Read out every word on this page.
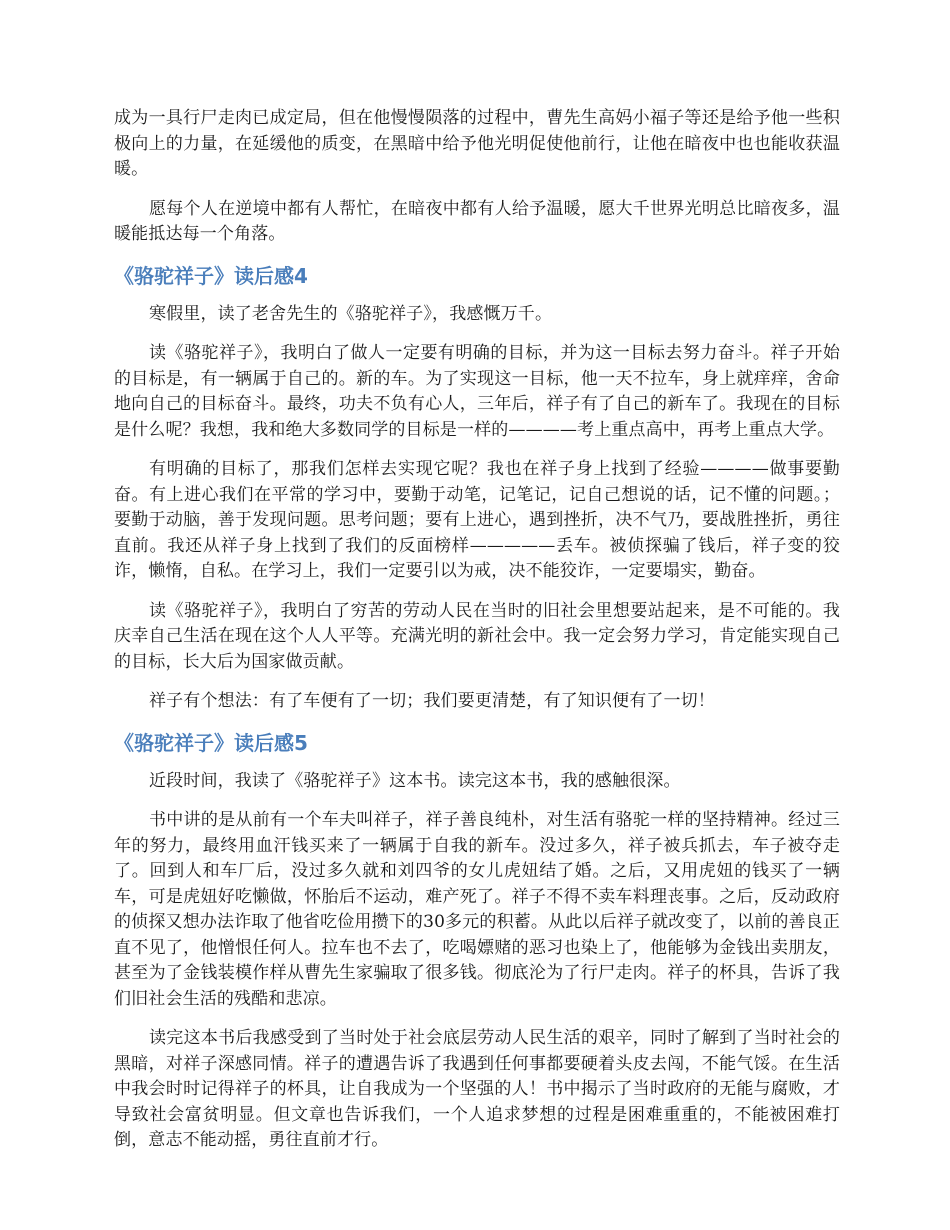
成为一具行尸走肉已成定局，但在他慢慢陨落的过程中，曹先生高妈小福子等还是给予他一些积极向上的力量，在延缓他的质变，在黑暗中给予他光明促使他前行，让他在暗夜中也也能收获温暖。

愿每个人在逆境中都有人帮忙，在暗夜中都有人给予温暖，愿大千世界光明总比暗夜多，温暖能抵达每一个角落。

《骆驼祥子》读后感4

寒假里，读了老舍先生的《骆驼祥子》，我感慨万千。

读《骆驼祥子》，我明白了做人一定要有明确的目标，并为这一目标去努力奋斗。祥子开始的目标是，有一辆属于自己的。新的车。为了实现这一目标，他一天不拉车，身上就痒痒，舍命地向自己的目标奋斗。最终，功夫不负有心人，三年后，祥子有了自己的新车了。我现在的目标是什么呢？我想，我和绝大多数同学的目标是一样的————考上重点高中，再考上重点大学。

有明确的目标了，那我们怎样去实现它呢？我也在祥子身上找到了经验————做事要勤奋。有上进心我们在平常的学习中，要勤于动笔，记笔记，记自己想说的话，记不懂的问题。；要勤于动脑，善于发现问题。思考问题；要有上进心，遇到挫折，决不气乃，要战胜挫折，勇往直前。我还从祥子身上找到了我们的反面榜样—————丢车。被侦探骗了钱后，祥子变的狡诈，懒惰，自私。在学习上，我们一定要引以为戒，决不能狡诈，一定要塌实，勤奋。

读《骆驼祥子》，我明白了穷苦的劳动人民在当时的旧社会里想要站起来，是不可能的。我庆幸自己生活在现在这个人人平等。充满光明的新社会中。我一定会努力学习，肯定能实现自己的目标，长大后为国家做贡献。

祥子有个想法：有了车便有了一切；我们要更清楚，有了知识便有了一切！

《骆驼祥子》读后感5

近段时间，我读了《骆驼祥子》这本书。读完这本书，我的感触很深。

书中讲的是从前有一个车夫叫祥子，祥子善良纯朴，对生活有骆驼一样的坚持精神。经过三年的努力，最终用血汗钱买来了一辆属于自我的新车。没过多久，祥子被兵抓去，车子被夺走了。回到人和车厂后，没过多久就和刘四爷的女儿虎妞结了婚。之后，又用虎妞的钱买了一辆车，可是虎妞好吃懒做，怀胎后不运动，难产死了。祥子不得不卖车料理丧事。之后，反动政府的侦探又想办法诈取了他省吃俭用攒下的30多元的积蓄。从此以后祥子就改变了，以前的善良正直不见了，他憎恨任何人。拉车也不去了，吃喝嫖赌的恶习也染上了，他能够为金钱出卖朋友，甚至为了金钱装模作样从曹先生家骗取了很多钱。彻底沦为了行尸走肉。祥子的杯具，告诉了我们旧社会生活的残酷和悲凉。

读完这本书后我感受到了当时处于社会底层劳动人民生活的艰辛，同时了解到了当时社会的黑暗，对祥子深感同情。祥子的遭遇告诉了我遇到任何事都要硬着头皮去闯，不能气馁。在生活中我会时时记得祥子的杯具，让自我成为一个坚强的人！书中揭示了当时政府的无能与腐败，才导致社会富贫明显。但文章也告诉我们，一个人追求梦想的过程是困难重重的，不能被困难打倒，意志不能动摇，勇往直前才行。
